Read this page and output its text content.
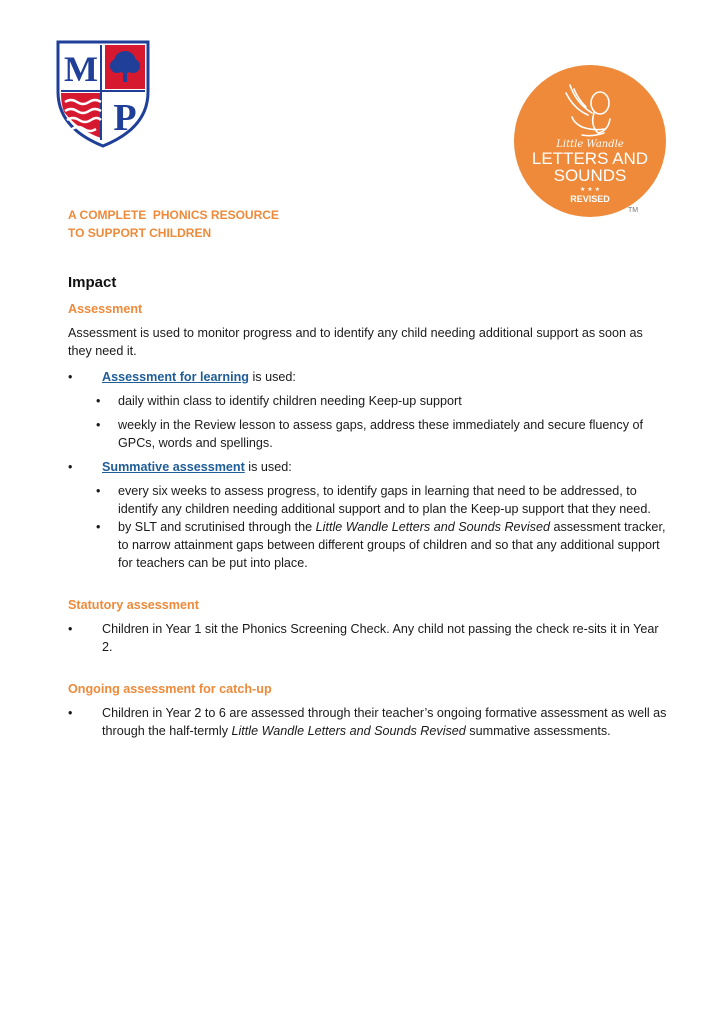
M
P
Little Wandle
LETTERS AND
SOUNDS
★ ★ ★
REVISED
TM
A COMPLETE  PHONICS RESOURCE
TO SUPPORT CHILDREN
Impact
Assessment

Assessment is used to monitor progress and to identify any child needing additional support as soon as they need it.

• Assessment for learning is used:
• daily within class to identify children needing Keep-up support
• weekly in the Review lesson to assess gaps, address these immediately and secure fluency of GPCs, words and spellings.
• Summative assessment is used:
• every six weeks to assess progress, to identify gaps in learning that need to be addressed, to identify any children needing additional support and to plan the Keep-up support that they need.
• by SLT and scrutinised through the Little Wandle Letters and Sounds Revised assessment tracker, to narrow attainment gaps between different groups of children and so that any additional support for teachers can be put into place.
Statutory assessment
• Children in Year 1 sit the Phonics Screening Check. Any child not passing the check re-sits it in Year 2.
Ongoing assessment for catch-up
• Children in Year 2 to 6 are assessed through their teacher’s ongoing formative assessment as well as through the half-termly Little Wandle Letters and Sounds Revised summative assessments.
